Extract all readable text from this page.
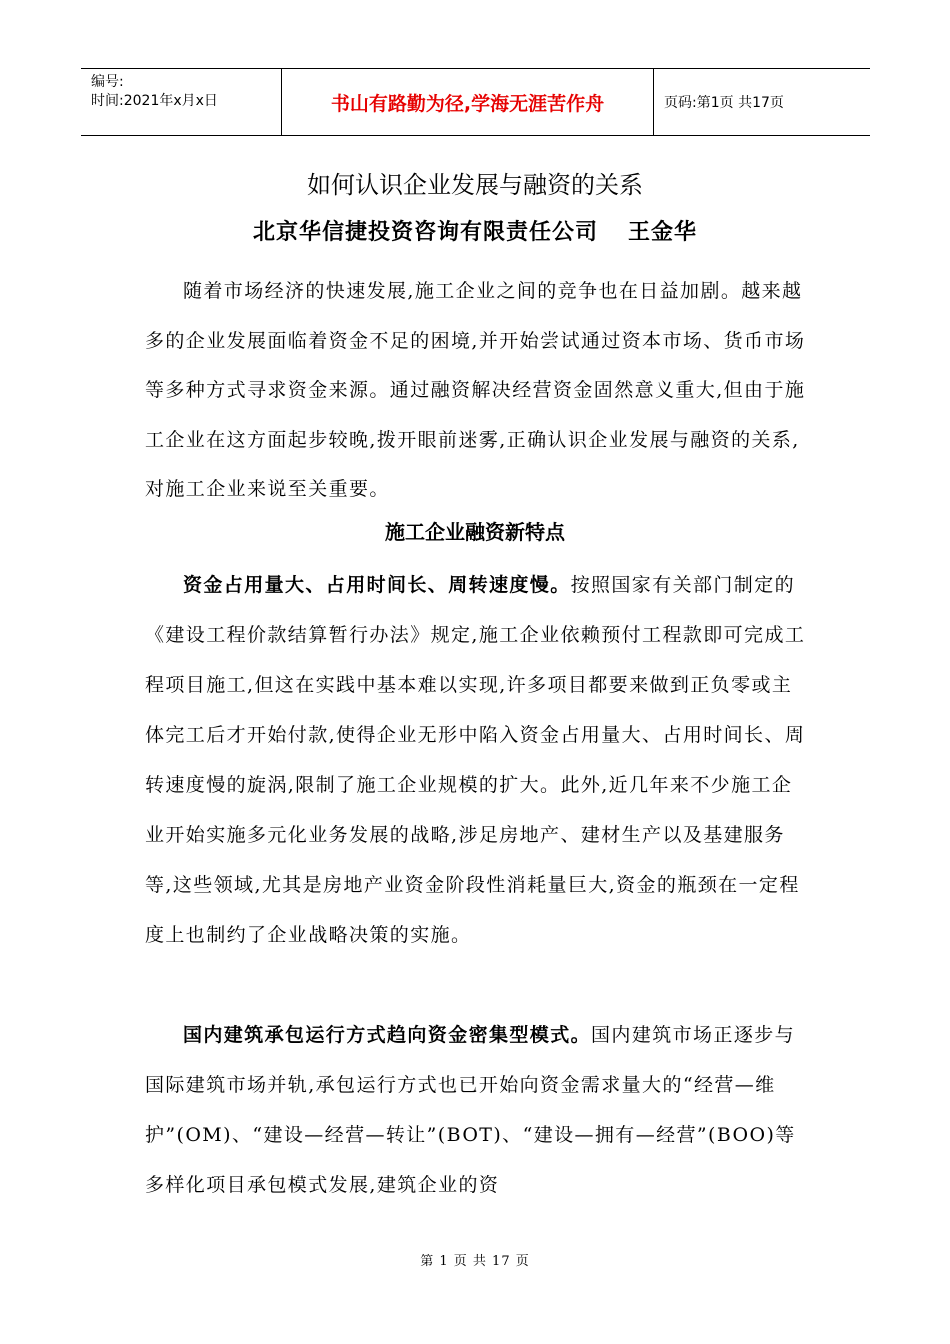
编号:
时间:2021年x月x日	书山有路勤为径,学海无涯苦作舟	页码:第1页 共17页
如何认识企业发展与融资的关系
北京华信捷投资咨询有限责任公司 王金华
随着市场经济的快速发展,施工企业之间的竞争也在日益加剧。越来越多的企业发展面临着资金不足的困境,并开始尝试通过资本市场、货币市场等多种方式寻求资金来源。通过融资解决经营资金固然意义重大,但由于施工企业在这方面起步较晚,拨开眼前迷雾,正确认识企业发展与融资的关系,对施工企业来说至关重要。
施工企业融资新特点
资金占用量大、占用时间长、周转速度慢。按照国家有关部门制定的《建设工程价款结算暂行办法》规定,施工企业依赖预付工程款即可完成工程项目施工,但这在实践中基本难以实现,许多项目都要来做到正负零或主体完工后才开始付款,使得企业无形中陷入资金占用量大、占用时间长、周转速度慢的旋涡,限制了施工企业规模的扩大。此外,近几年来不少施工企业开始实施多元化业务发展的战略,涉足房地产、建材生产以及基建服务等,这些领域,尤其是房地产业资金阶段性消耗量巨大,资金的瓶颈在一定程度上也制约了企业战略决策的实施。
国内建筑承包运行方式趋向资金密集型模式。国内建筑市场正逐步与国际建筑市场并轨,承包运行方式也已开始向资金需求量大的“经营—维护”(OM)、“建设—经营—转让”(BOT)、“建设—拥有—经营”(BOO)等多样化项目承包模式发展,建筑企业的资
第 1 页 共 17 页
